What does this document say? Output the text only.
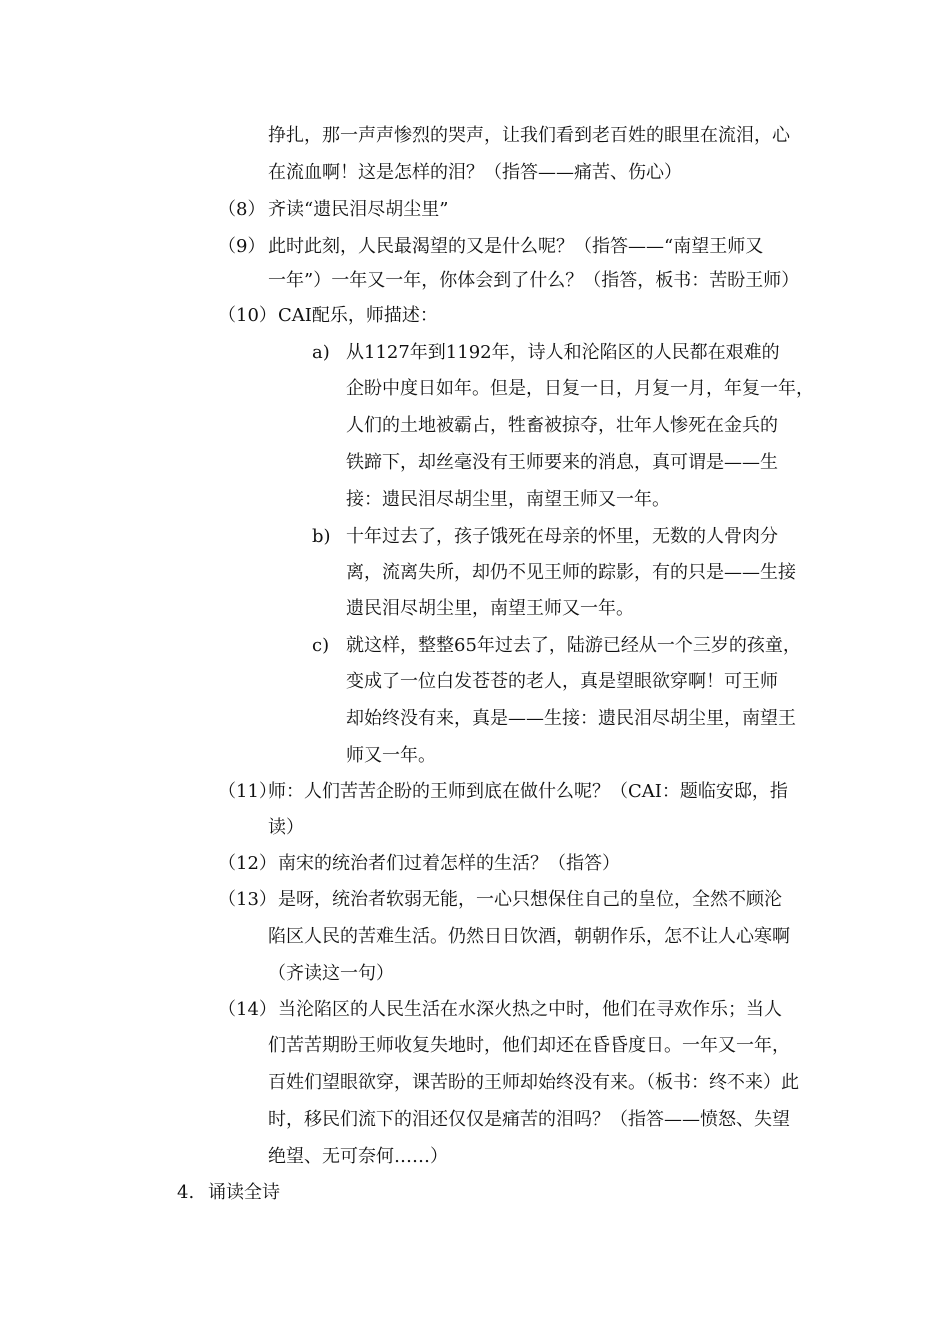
挣扎，那一声声惨烈的哭声，让我们看到老百姓的眼里在流泪，心
在流血啊！这是怎样的泪？（指答——痛苦、伤心）
（8） 齐读“遗民泪尽胡尘里”
（9） 此时此刻，人民最渴望的又是什么呢？（指答——“南望王师又
一年”）一年又一年，你体会到了什么？（指答，板书：苦盼王师）
（10） CAI配乐，师描述：
a) 从1127年到1192年，诗人和沦陷区的人民都在艰难的
企盼中度日如年。但是，日复一日，月复一月，年复一年，
人们的土地被霸占，牲畜被掠夺，壮年人惨死在金兵的
铁蹄下，却丝毫没有王师要来的消息，真可谓是——生
接：遗民泪尽胡尘里，南望王师又一年。
b) 十年过去了，孩子饿死在母亲的怀里，无数的人骨肉分
离，流离失所，却仍不见王师的踪影，有的只是——生接
遗民泪尽胡尘里，南望王师又一年。
c) 就这样，整整65年过去了，陆游已经从一个三岁的孩童，
变成了一位白发苍苍的老人，真是望眼欲穿啊！可王师
却始终没有来，真是——生接：遗民泪尽胡尘里，南望王
师又一年。
（11）
师：人们苦苦企盼的王师到底在做什么呢？（CAI：题临安邸，指
读）
（12） 南宋的统治者们过着怎样的生活？（指答）
（13） 是呀，统治者软弱无能，一心只想保住自己的皇位，全然不顾沦
陷区人民的苦难生活。仍然日日饮酒，朝朝作乐，怎不让人心寒啊
（齐读这一句）
（14） 当沦陷区的人民生活在水深火热之中时，他们在寻欢作乐；当人
们苦苦期盼王师收复失地时，他们却还在昏昏度日。一年又一年，
百姓们望眼欲穿，课苦盼的王师却始终没有来。（板书：终不来）此
时，移民们流下的泪还仅仅是痛苦的泪吗？（指答——愤怒、失望
绝望、无可奈何……）
4. 诵读全诗
